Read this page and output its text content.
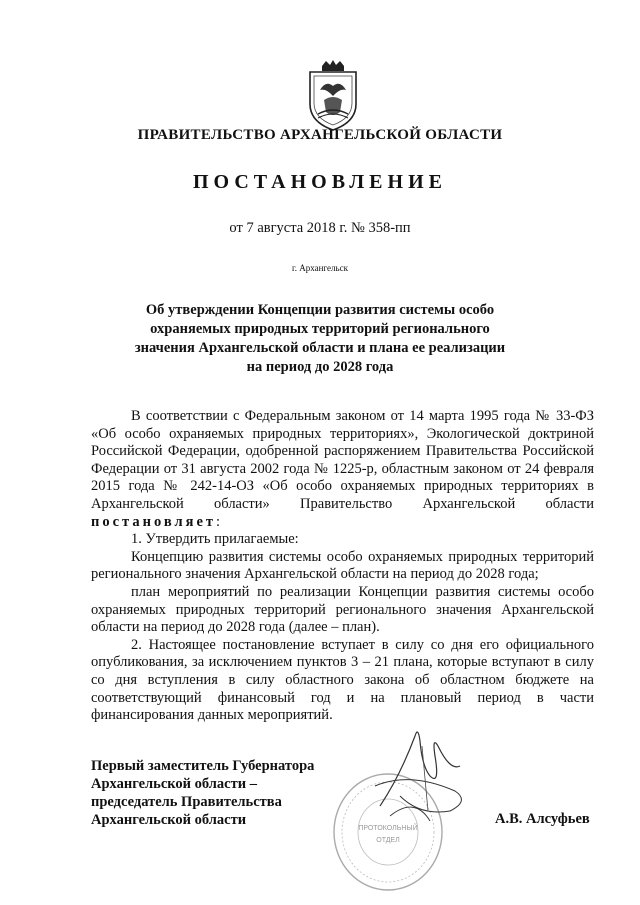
ПРАВИТЕЛЬСТВО АРХАНГЕЛЬСКОЙ ОБЛАСТИ
ПОСТАНОВЛЕНИЕ
от 7 августа 2018 г. № 358-пп
г. Архангельск
Об утверждении Концепции развития системы особо
охраняемых природных территорий регионального
значения Архангельской области и плана ее реализации
на период до 2028 года

В соответствии с Федеральным законом от 14 марта 1995 года № 33-ФЗ «Об особо охраняемых природных территориях», Экологической доктриной Российской Федерации, одобренной распоряжением Правительства Российской Федерации от 31 августа 2002 года № 1225-р, областным законом от 24 февраля 2015 года № 242-14-ОЗ «Об особо охраняемых природных территориях в Архангельской области» Правительство Архангельской области постановляет:

1. Утвердить прилагаемые:

Концепцию развития системы особо охраняемых природных территорий регионального значения Архангельской области на период до 2028 года;

план мероприятий по реализации Концепции развития системы особо охраняемых природных территорий регионального значения Архангельской области на период до 2028 года (далее – план).

2. Настоящее постановление вступает в силу со дня его официального опубликования, за исключением пунктов 3 – 21 плана, которые вступают в силу со дня вступления в силу областного закона об областном бюджете на соответствующий финансовый год и на плановый период в части финансирования данных мероприятий.

Первый заместитель Губернатора
Архангельской области –
председатель Правительства
Архангельской области
ПРОТОКОЛЬНЫЙ
ОТДЕЛ
А.В. Алсуфьев
